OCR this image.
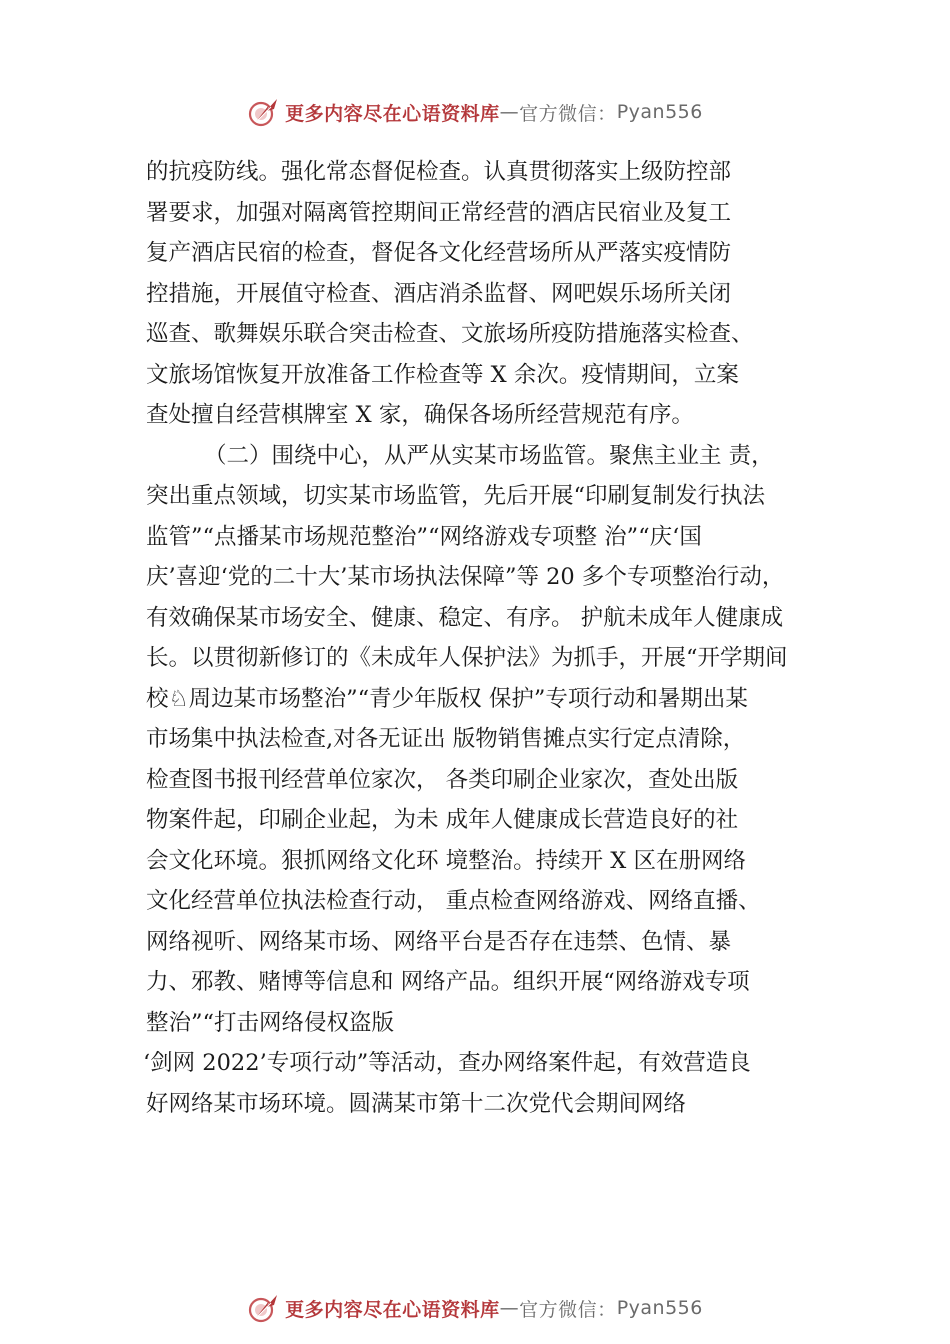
更多内容尽在心语资料库 — 官方微信： Pyan556
的抗疫防线。强化常态督促检查。认真贯彻落实上级防控部
署要求，加强对隔离管控期间正常经营的酒店民宿业及复工
复产酒店民宿的检查，督促各文化经营场所从严落实疫情防
控措施，开展值守检查、酒店消杀监督、网吧娱乐场所关闭
巡查、歌舞娱乐联合突击检查、文旅场所疫防措施落实检查、
文旅场馆恢复开放准备工作检查等 X 余次。疫情期间，立案
查处擅自经营棋牌室 X 家，确保各场所经营规范有序。
（二）围绕中心，从严从实某市场监管。聚焦主业主 责，
突出重点领域，切实某市场监管，先后开展“印刷复制发行执法
监管”“点播某市场规范整治”“网络游戏专项整 治”“庆‘国
庆’喜迎‘党的二十大’某市场执法保障”等 20 多个专项整治行动，
有效确保某市场安全、健康、稳定、有序。 护航未成年人健康成
长。以贯彻新修订的《未成年人保护法》为抓手，开展“开学期间
校♘周边某市场整治”“青少年版权 保护”专项行动和暑期出某
市场集中执法检查,对各无证出 版物销售摊点实行定点清除，
检查图书报刊经营单位家次， 各类印刷企业家次，查处出版
物案件起，印刷企业起，为未 成年人健康成长营造良好的社
会文化环境。狠抓网络文化环 境整治。持续开 X 区在册网络
文化经营单位执法检查行动， 重点检查网络游戏、网络直播、
网络视听、网络某市场、网络平台是否存在违禁、色情、暴
力、邪教、赌博等信息和 网络产品。组织开展“网络游戏专项
整治”“打击网络侵权盗版
‘剑网 2022’专项行动”等活动，查办网络案件起，有效营造良
好网络某市场环境。圆满某市第十二次党代会期间网络
更多内容尽在心语资料库 — 官方微信： Pyan556
